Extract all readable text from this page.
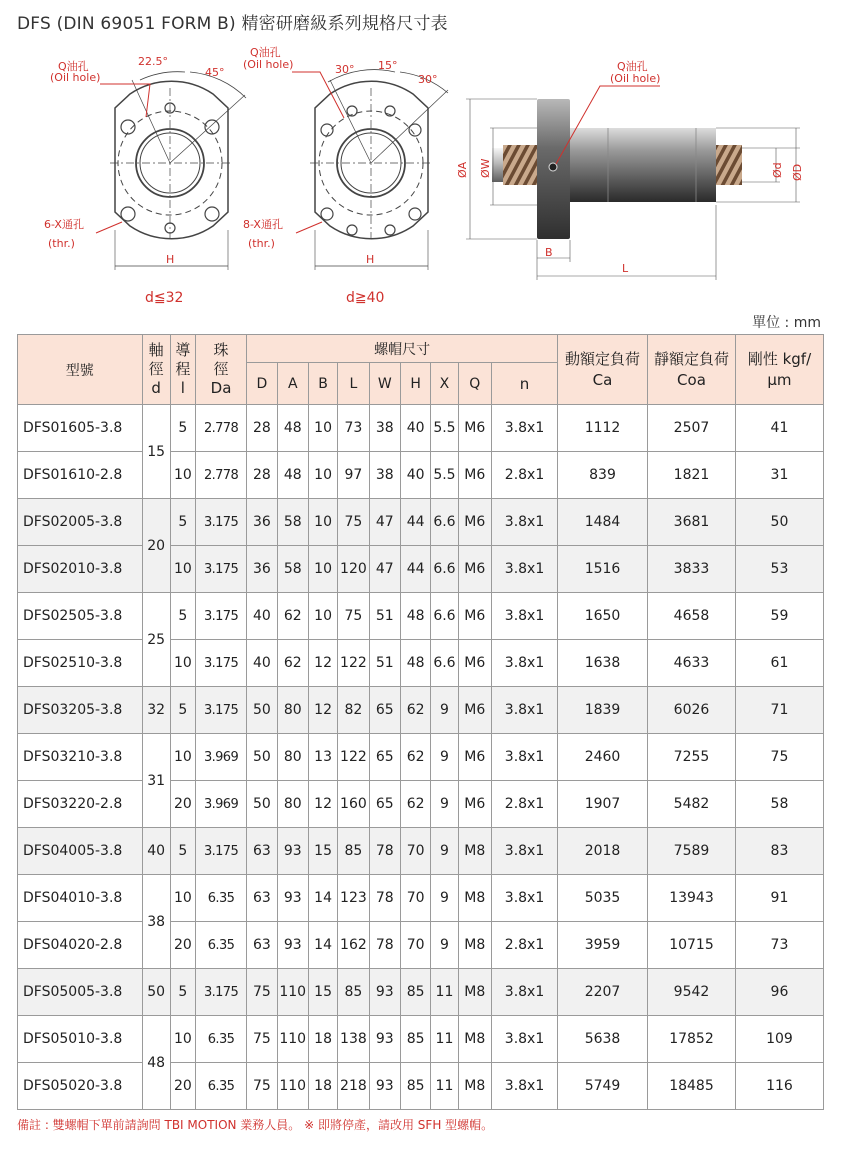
DFS (DIN 69051 FORM B) 精密研磨級系列規格尺寸表
Q油孔
(Oil hole)
22.5°
45°
6-X通孔
(thr.)
H
d≦32
Q油孔
(Oil hole)	30° 15°
30°
8-X通孔
(thr.)
H
d≧40
Q油孔
(Oil hole)
B
L
ØA ØW	Ød ØD
單位 : mm
型號	軸
徑
d	導
程
l	珠
徑
Da	螺帽尺寸									動額定負荷 Ca	靜額定負荷 Coa	剛性 kgf/ µm
				D	A	B	L	W	H	X	Q	n			
DFS01605-3.8	15	5	2.778	28	48	10	73	38	40	5.5	M6	3.8x1	1112	2507	41
DFS01610-2.8		10	2.778	28	48	10	97	38	40	5.5	M6	2.8x1	839	1821	31
DFS02005-3.8	20	5	3.175	36	58	10	75	47	44	6.6	M6	3.8x1	1484	3681	50
DFS02010-3.8		10	3.175	36	58	10	120	47	44	6.6	M6	3.8x1	1516	3833	53
DFS02505-3.8	25	5	3.175	40	62	10	75	51	48	6.6	M6	3.8x1	1650	4658	59
DFS02510-3.8		10	3.175	40	62	12	122	51	48	6.6	M6	3.8x1	1638	4633	61
DFS03205-3.8	32	5	3.175	50	80	12	82	65	62	9	M6	3.8x1	1839	6026	71
DFS03210-3.8	31	10	3.969	50	80	13	122	65	62	9	M6	3.8x1	2460	7255	75
DFS03220-2.8		20	3.969	50	80	12	160	65	62	9	M6	2.8x1	1907	5482	58
DFS04005-3.8	40	5	3.175	63	93	15	85	78	70	9	M8	3.8x1	2018	7589	83
DFS04010-3.8	38	10	6.35	63	93	14	123	78	70	9	M8	3.8x1	5035	13943	91
DFS04020-2.8		20	6.35	63	93	14	162	78	70	9	M8	2.8x1	3959	10715	73
DFS05005-3.8	50	5	3.175	75	110	15	85	93	85	11	M8	3.8x1	2207	9542	96
DFS05010-3.8	48	10	6.35	75	110	18	138	93	85	11	M8	3.8x1	5638	17852	109
DFS05020-3.8		20	6.35	75	110	18	218	93	85	11	M8	3.8x1	5749	18485	116
備註 : 雙螺帽下單前請詢問 TBI MOTION 業務人員。 ※ 即將停產，請改用 SFH 型螺帽。
